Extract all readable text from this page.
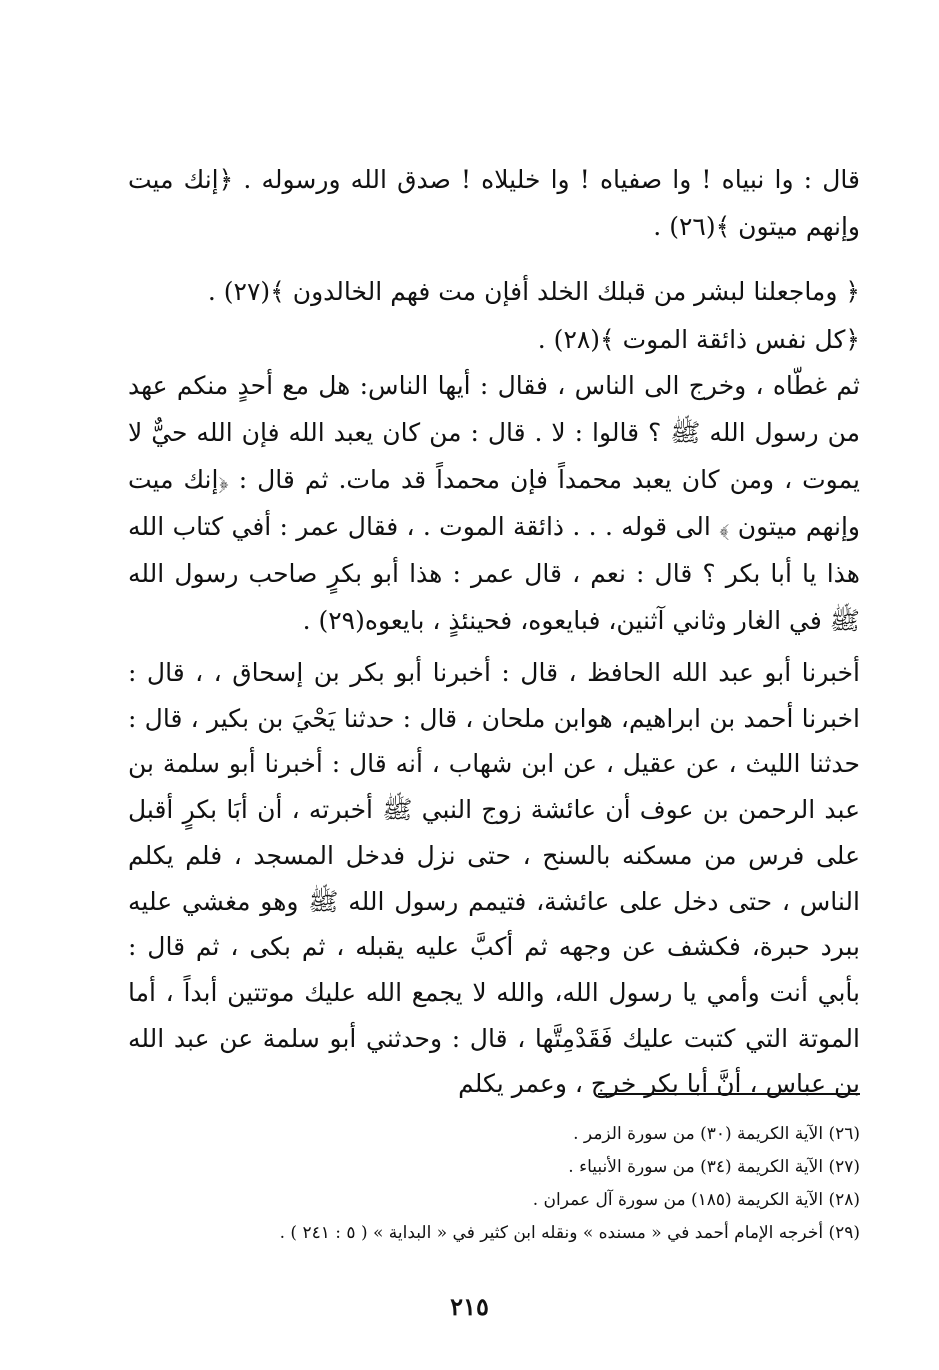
قال : وا نبياه ! وا صفياه ! وا خليلاه ! صدق الله ورسوله . ﴿إنك ميت وإنهم ميتون ﴾(٢٦) .
﴿ وماجعلنا لبشر من قبلك الخلد أفإن مت فهم الخالدون ﴾(٢٧) .
﴿كل نفس ذائقة الموت ﴾(٢٨) .
ثم غطّاه ، وخرج الى الناس ، فقال : أيها الناس: هل مع أحدٍ منكم عهد من رسول الله ﷺ ؟ قالوا : لا . قال : من كان يعبد الله فإن الله حيٌّ لا يموت ، ومن كان يعبد محمداً فإن محمداً قد مات. ثم قال : ﴿إنك ميت وإنهم ميتون ﴾ الى قوله . . . ذائقة الموت . ، فقال عمر : أفي كتاب الله هذا يا أبا بكر ؟ قال : نعم ، قال عمر : هذا أبو بكرٍ صاحب رسول الله ﷺ في الغار وثاني آثنين، فبايعوه، فحينئذٍ ، بايعوه(٢٩) .
أخبرنا أبو عبد الله الحافظ ، قال : أخبرنا أبو بكر بن إسحاق ، ، قال : اخبرنا أحمد بن ابراهيم، هوابن ملحان ، قال : حدثنا يَحْيَ بن بكير ، قال : حدثنا الليث ، عن عقيل ، عن ابن شهاب ، أنه قال : أخبرنا أبو سلمة بن عبد الرحمن بن عوف أن عائشة زوج النبي ﷺ أخبرته ، أن أبَا بكرٍ أقبل على فرس من مسكنه بالسنح ، حتى نزل فدخل المسجد ، فلم يكلم الناس ، حتى دخل على عائشة، فتيمم رسول الله ﷺ وهو مغشي عليه ببرد حبرة، فكشف عن وجهه ثم أكبَّ عليه يقبله ، ثم بكى ، ثم قال : بأبي أنت وأمي يا رسول الله، والله لا يجمع الله عليك موتتين أبداً ، أما الموتة التي كتبت عليك فَقَدْمِتَّها ، قال : وحدثني أبو سلمة عن عبد الله بن عباس ، أنَّ أبا بكر خرج ، وعمر يكلم
(٢٦) الآية الكريمة (٣٠) من سورة الزمر .
(٢٧) الآية الكريمة (٣٤) من سورة الأنبياء .
(٢٨) الآية الكريمة (١٨٥) من سورة آل عمران .
(٢٩) أخرجه الإمام أحمد في « مسنده » ونقله ابن كثير في « البداية » ( ٥ : ٢٤١ ) .
٢١٥
